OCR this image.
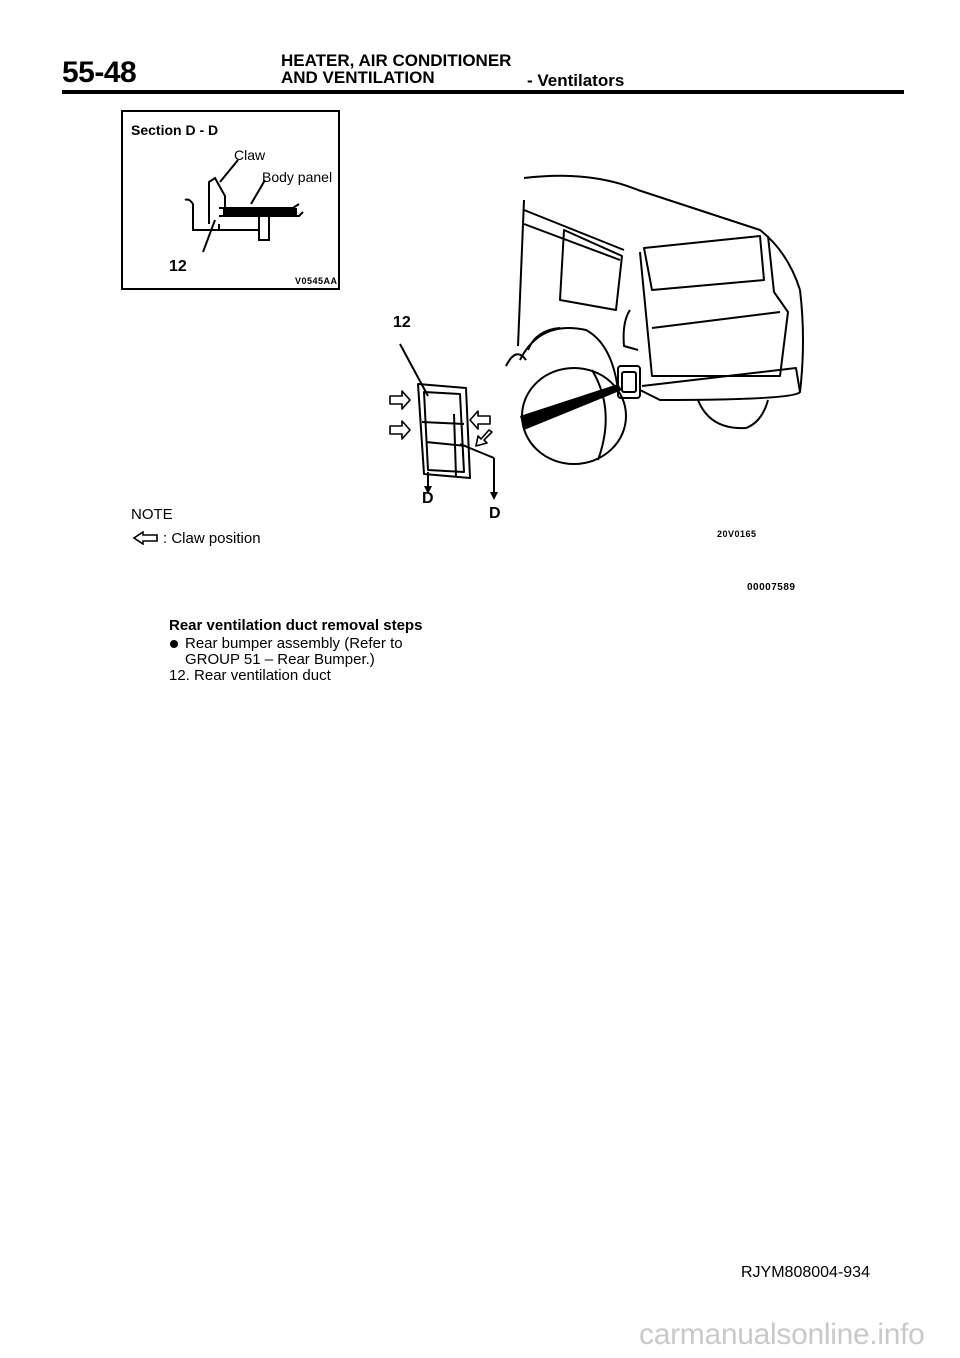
55-48	HEATER, AIR CONDITIONER
AND VENTILATION	- Ventilators
Section D - D
Claw
Body panel
12
V0545AA
12
D
D
20V0165
NOTE
: Claw position
00007589
Rear ventilation duct removal steps
Rear bumper assembly (Refer to
GROUP 51 – Rear Bumper.)
12. Rear ventilation duct
RJYM808004-934
carmanualsonline.info
